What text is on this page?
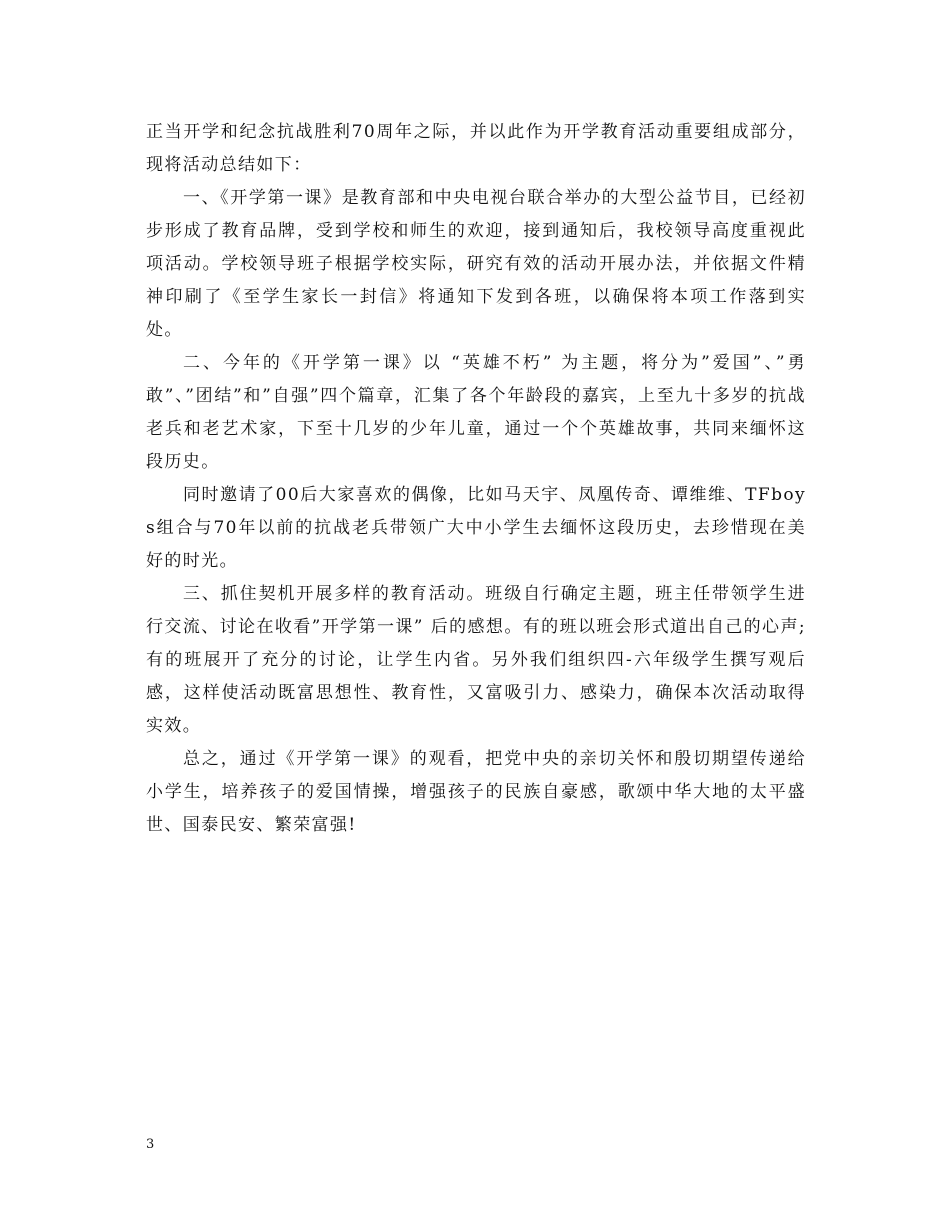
正当开学和纪念抗战胜利70周年之际，并以此作为开学教育活动重要组成部分，现将活动总结如下：

一、《开学第一课》是教育部和中央电视台联合举办的大型公益节目，已经初步形成了教育品牌，受到学校和师生的欢迎，接到通知后，我校领导高度重视此项活动。学校领导班子根据学校实际，研究有效的活动开展办法，并依据文件精神印刷了《至学生家长一封信》将通知下发到各班，以确保将本项工作落到实处。

二、今年的《开学第一课》以 “英雄不朽” 为主题，将分为”爱国”、”勇敢”、”团结”和”自强”四个篇章，汇集了各个年龄段的嘉宾，上至九十多岁的抗战老兵和老艺术家，下至十几岁的少年儿童，通过一个个英雄故事，共同来缅怀这段历史。

同时邀请了00后大家喜欢的偶像，比如马天宇、凤凰传奇、谭维维、TFboys组合与70年以前的抗战老兵带领广大中小学生去缅怀这段历史，去珍惜现在美好的时光。

三、抓住契机开展多样的教育活动。班级自行确定主题，班主任带领学生进行交流、讨论在收看”开学第一课” 后的感想。有的班以班会形式道出自己的心声;有的班展开了充分的讨论，让学生内省。另外我们组织四-六年级学生撰写观后感，这样使活动既富思想性、教育性，又富吸引力、感染力，确保本次活动取得实效。

总之，通过《开学第一课》的观看，把党中央的亲切关怀和殷切期望传递给小学生，培养孩子的爱国情操，增强孩子的民族自豪感，歌颂中华大地的太平盛世、国泰民安、繁荣富强!

3
